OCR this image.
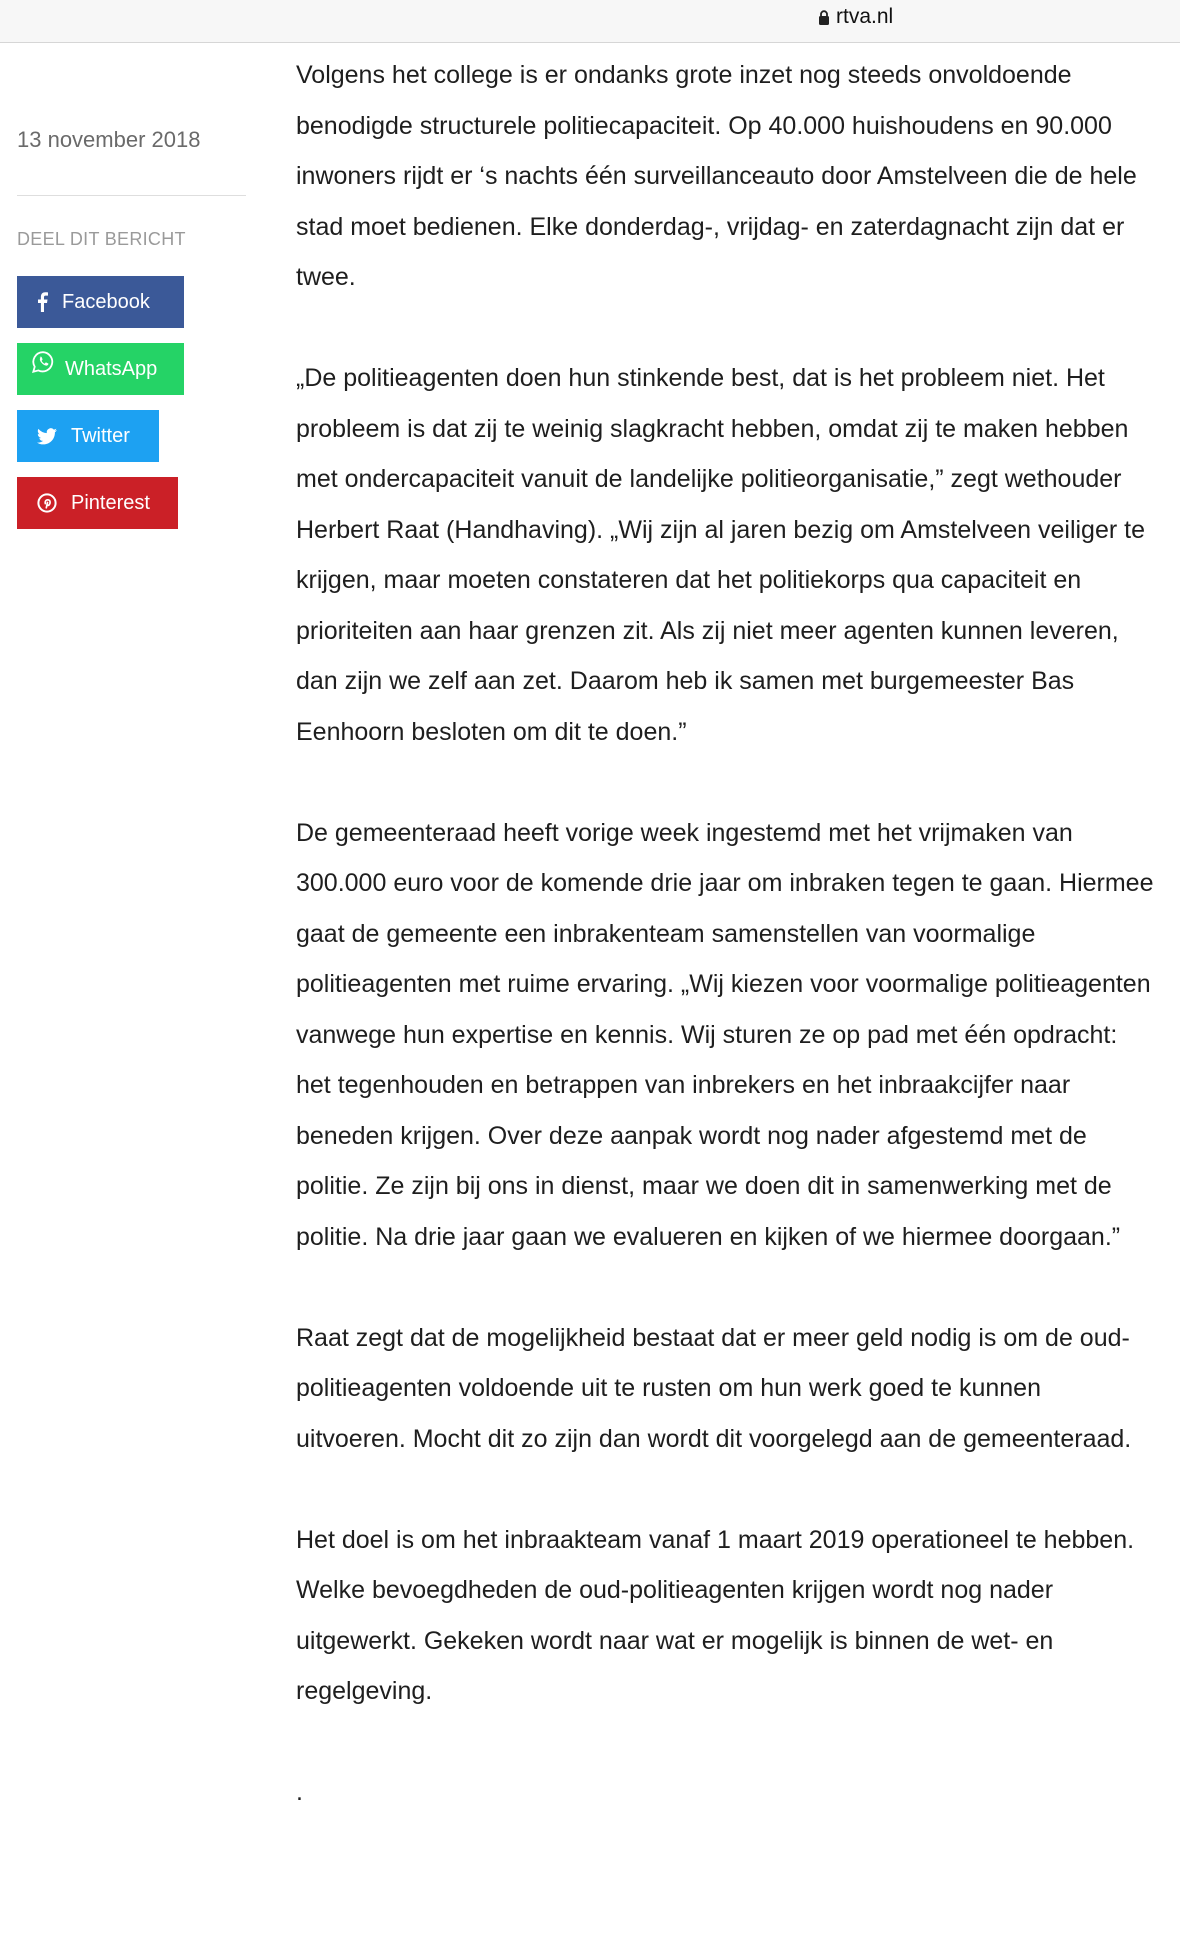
rtva.nl
13 november 2018
DEEL DIT BERICHT
Facebook
WhatsApp
Twitter
Pinterest

Volgens het college is er ondanks grote inzet nog steeds onvoldoende benodigde structurele politiecapaciteit. Op 40.000 huishoudens en 90.000 inwoners rijdt er ‘s nachts één surveillanceauto door Amstelveen die de hele stad moet bedienen. Elke donderdag-, vrijdag- en zaterdagnacht zijn dat er twee.

„De politieagenten doen hun stinkende best, dat is het probleem niet. Het probleem is dat zij te weinig slagkracht hebben, omdat zij te maken hebben met ondercapaciteit vanuit de landelijke politieorganisatie,” zegt wethouder Herbert Raat (Handhaving). „Wij zijn al jaren bezig om Amstelveen veiliger te krijgen, maar moeten constateren dat het politiekorps qua capaciteit en prioriteiten aan haar grenzen zit. Als zij niet meer agenten kunnen leveren, dan zijn we zelf aan zet. Daarom heb ik samen met burgemeester Bas Eenhoorn besloten om dit te doen.”

De gemeenteraad heeft vorige week ingestemd met het vrijmaken van 300.000 euro voor de komende drie jaar om inbraken tegen te gaan. Hiermee gaat de gemeente een inbrakenteam samenstellen van voormalige politieagenten met ruime ervaring. „Wij kiezen voor voormalige politieagenten vanwege hun expertise en kennis. Wij sturen ze op pad met één opdracht: het tegenhouden en betrappen van inbrekers en het inbraakcijfer naar beneden krijgen. Over deze aanpak wordt nog nader afgestemd met de politie. Ze zijn bij ons in dienst, maar we doen dit in samenwerking met de politie. Na drie jaar gaan we evalueren en kijken of we hiermee doorgaan.”

Raat zegt dat de mogelijkheid bestaat dat er meer geld nodig is om de oud-politieagenten voldoende uit te rusten om hun werk goed te kunnen uitvoeren. Mocht dit zo zijn dan wordt dit voorgelegd aan de gemeenteraad.

Het doel is om het inbraakteam vanaf 1 maart 2019 operationeel te hebben. Welke bevoegdheden de oud-politieagenten krijgen wordt nog nader uitgewerkt. Gekeken wordt naar wat er mogelijk is binnen de wet- en regelgeving.

.
